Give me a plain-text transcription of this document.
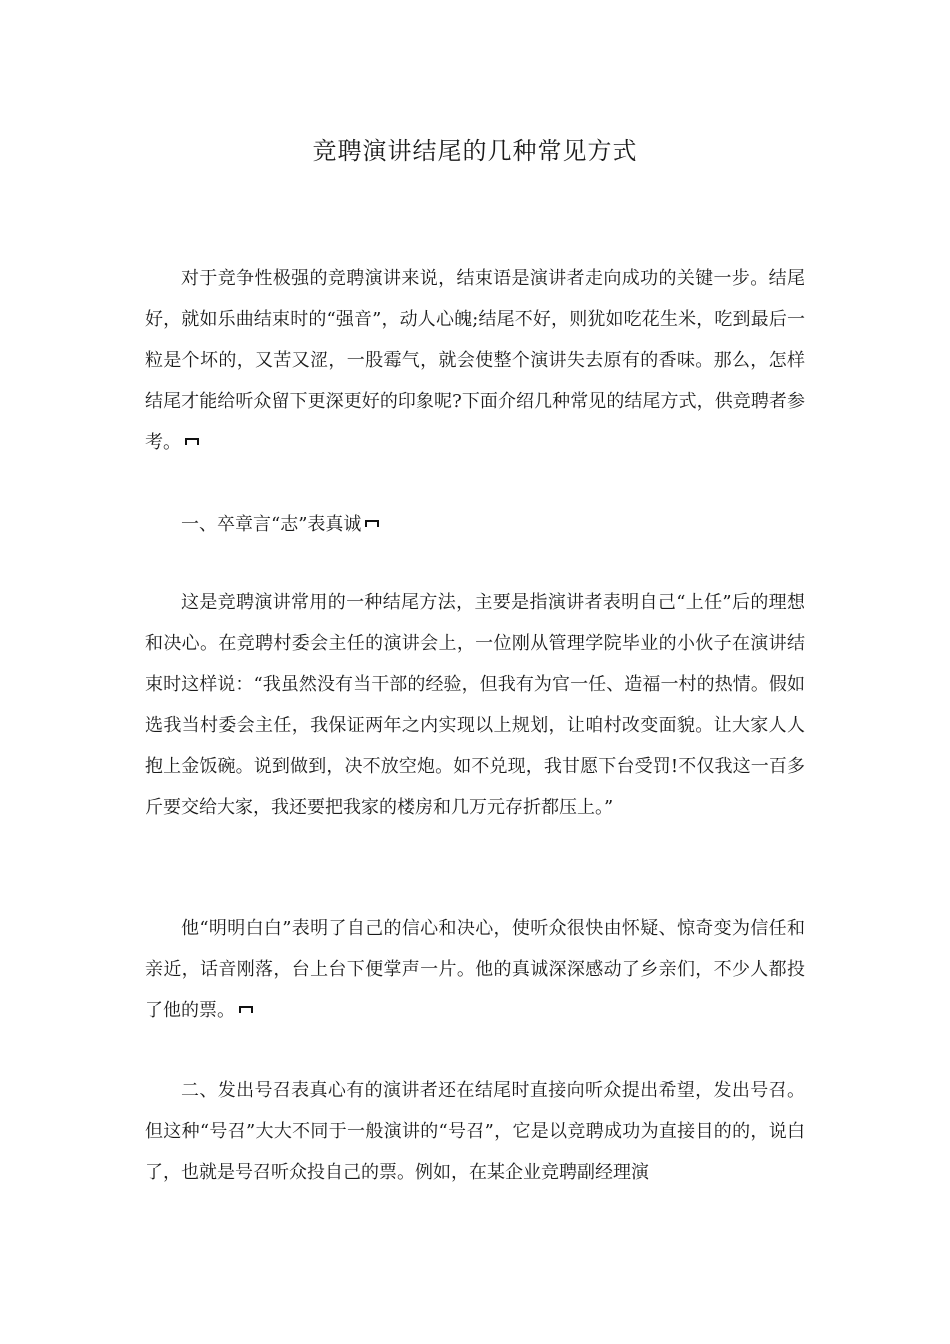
竞聘演讲结尾的几种常见方式

对于竞争性极强的竞聘演讲来说，结束语是演讲者走向成功的关键一步。结尾好，就如乐曲结束时的“强音”，动人心魄;结尾不好，则犹如吃花生米，吃到最后一粒是个坏的，又苦又涩，一股霉气，就会使整个演讲失去原有的香味。那么，怎样结尾才能给听众留下更深更好的印象呢?下面介绍几种常见的结尾方式，供竞聘者参考。

一、卒章言“志”表真诚

这是竞聘演讲常用的一种结尾方法，主要是指演讲者表明自己“上任”后的理想和决心。在竞聘村委会主任的演讲会上，一位刚从管理学院毕业的小伙子在演讲结束时这样说：“我虽然没有当干部的经验，但我有为官一任、造福一村的热情。假如选我当村委会主任，我保证两年之内实现以上规划，让咱村改变面貌。让大家人人抱上金饭碗。说到做到，决不放空炮。如不兑现，我甘愿下台受罚!不仅我这一百多斤要交给大家，我还要把我家的楼房和几万元存折都压上。”

他“明明白白”表明了自己的信心和决心，使听众很快由怀疑、惊奇变为信任和亲近，话音刚落，台上台下便掌声一片。他的真诚深深感动了乡亲们，不少人都投了他的票。

二、发出号召表真心有的演讲者还在结尾时直接向听众提出希望，发出号召。但这种“号召”大大不同于一般演讲的“号召”，它是以竞聘成功为直接目的的，说白了，也就是号召听众投自己的票。例如，在某企业竞聘副经理演
